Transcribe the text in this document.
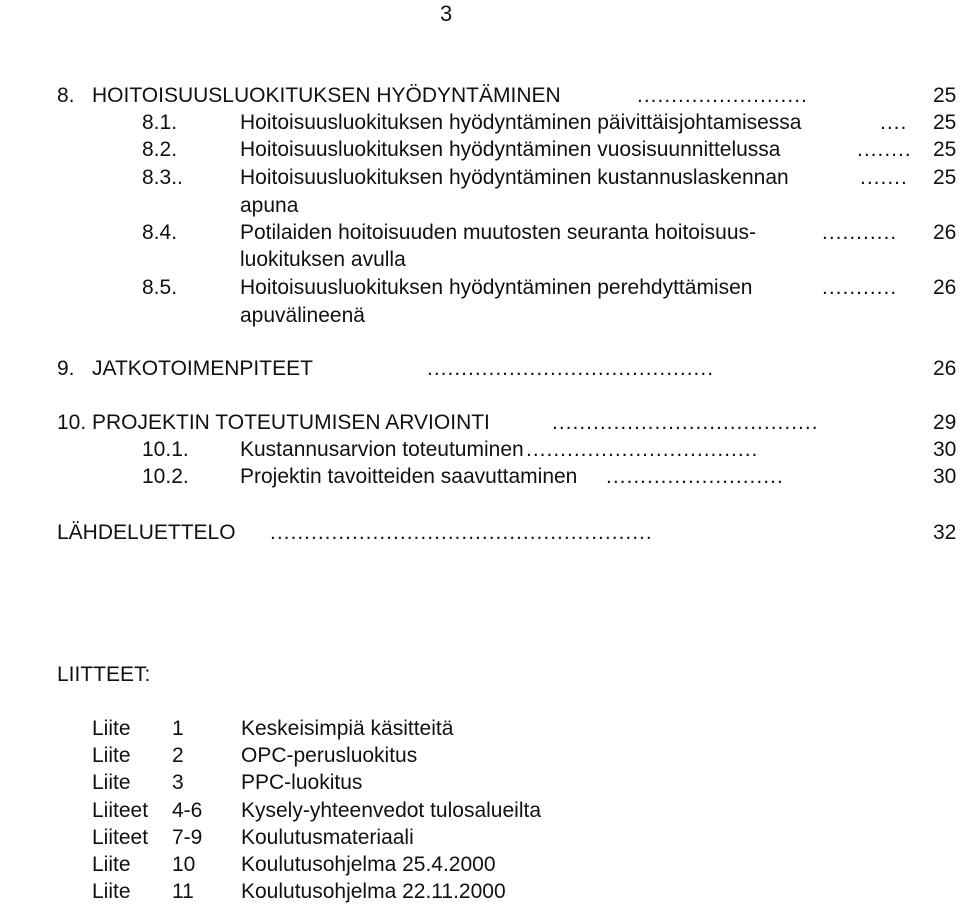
3
8. HOITOISUUSLUOKITUKSEN HYÖDYNTÄMINEN	.........................	25
8.1.	Hoitoisuusluokituksen hyödyntäminen päivittäisjohtamisessa	.... 25
8.2.	Hoitoisuusluokituksen hyödyntäminen vuosisuunnittelussa	........ 25
8.3..	Hoitoisuusluokituksen hyödyntäminen kustannuslaskennan	....... 25
apuna
8.4.	Potilaiden hoitoisuuden muutosten seuranta hoitoisuus-	........... 26
luokituksen avulla
8.5.	Hoitoisuusluokituksen hyödyntäminen perehdyttämisen	........... 26
apuvälineenä
9. JATKOTOIMENPITEET	..........................................	26
10. PROJEKTIN TOTEUTUMISEN ARVIOINTI	.......................................	29
10.1. Kustannusarvion toteutuminen ..................................	30
10.2. Projektin tavoitteiden saavuttaminen ..........................	30
LÄHDELUETTELO ........................................................	32
LIITTEET:
Liite 1	Keskeisimpiä käsitteitä
Liite 2	OPC-perusluokitus
Liite 3	PPC-luokitus
Liiteet 4-6 Kysely-yhteenvedot tulosalueilta
Liiteet 7-9 Koulutusmateriaali
Liite 10 Koulutusohjelma 25.4.2000
Liite 11 Koulutusohjelma 22.11.2000
